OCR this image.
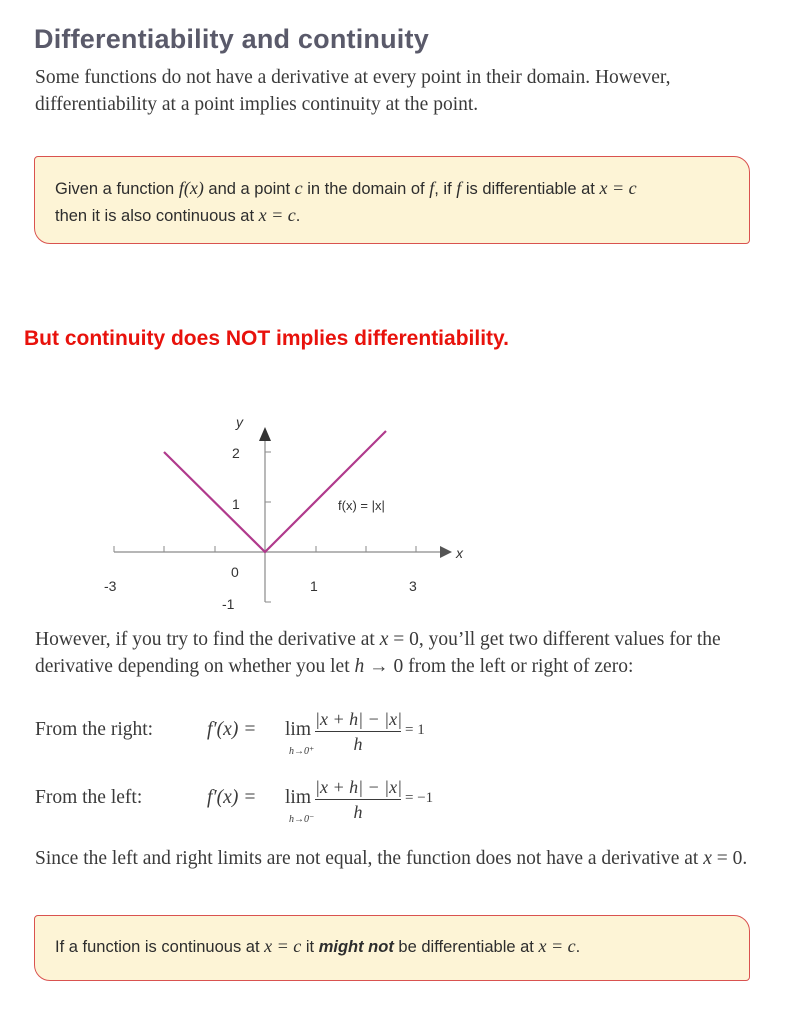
Differentiability and continuity
Some functions do not have a derivative at every point in their domain. However, differentiability at a point implies continuity at the point.
Given a function f(x) and a point c in the domain of f, if f is differentiable at x = c
then it is also continuous at x = c.
But continuity does NOT implies differentiability.
y
x
2
1
0
-1
-3	1	3
f(x) = |x|
However, if you try to find the derivative at x = 0, you’ll get two different values for the derivative depending on whether you let h → 0 from the left or right of zero:
From the right:	f′(x) = lim
h→0⁺
|x + h| − |x|
h
= 1
From the left:	f′(x) = lim
h→0⁻
|x + h| − |x|
h
= −1
Since the left and right limits are not equal, the function does not have a derivative at x = 0.
If a function is continuous at x = c it might not be differentiable at x = c.
